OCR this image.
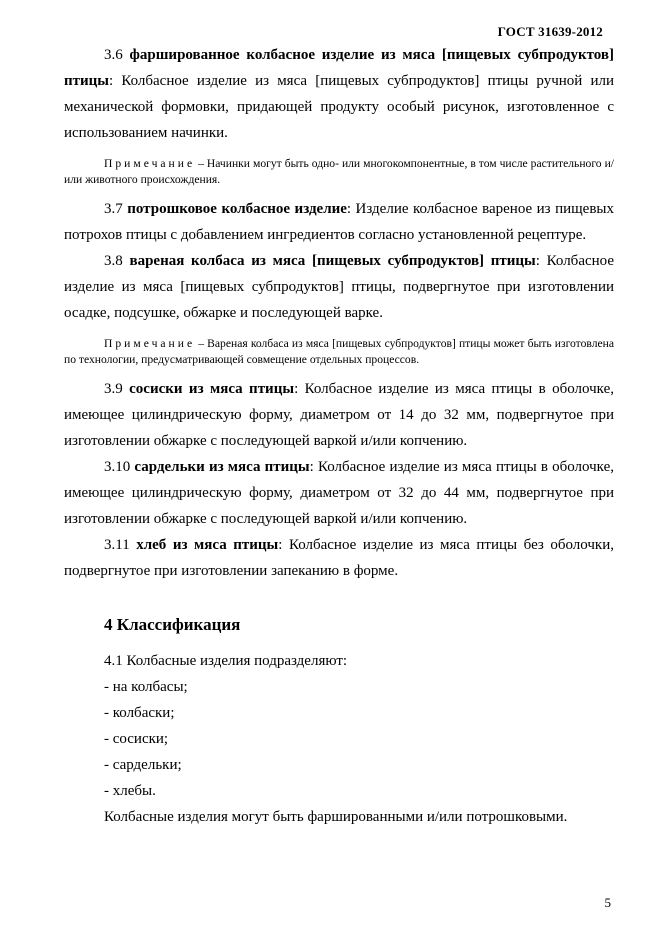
ГОСТ 31639-2012

3.6 фаршированное колбасное изделие из мяса [пищевых субпродуктов] птицы: Колбасное изделие из мяса [пищевых субпродуктов] птицы ручной или механической формовки, придающей продукту особый рисунок, изготовленное с использованием начинки.

Примечание – Начинки могут быть одно- или многокомпонентные, в том числе растительного и/или животного происхождения.

3.7 потрошковое колбасное изделие: Изделие колбасное вареное из пищевых потрохов птицы с добавлением ингредиентов согласно установленной рецептуре.

3.8 вареная колбаса из мяса [пищевых субпродуктов] птицы: Колбасное изделие из мяса [пищевых субпродуктов] птицы, подвергнутое при изготовлении осадке, подсушке, обжарке и последующей варке.

Примечание – Вареная колбаса из мяса [пищевых субпродуктов] птицы может быть изготовлена по технологии, предусматривающей совмещение отдельных процессов.

3.9 сосиски из мяса птицы: Колбасное изделие из мяса птицы в оболочке, имеющее цилиндрическую форму, диаметром от 14 до 32 мм, подвергнутое при изготовлении обжарке с последующей варкой и/или копчению.

3.10 сардельки из мяса птицы: Колбасное изделие из мяса птицы в оболочке, имеющее цилиндрическую форму, диаметром от 32 до 44 мм, подвергнутое при изготовлении обжарке с последующей варкой и/или копчению.

3.11 хлеб из мяса птицы: Колбасное изделие из мяса птицы без оболочки, подвергнутое при изготовлении запеканию в форме.

4 Классификация

4.1 Колбасные изделия подразделяют:

- на колбасы;
- колбаски;
- сосиски;
- сардельки;
- хлебы.

Колбасные изделия могут быть фаршированными и/или потрошковыми.

5
